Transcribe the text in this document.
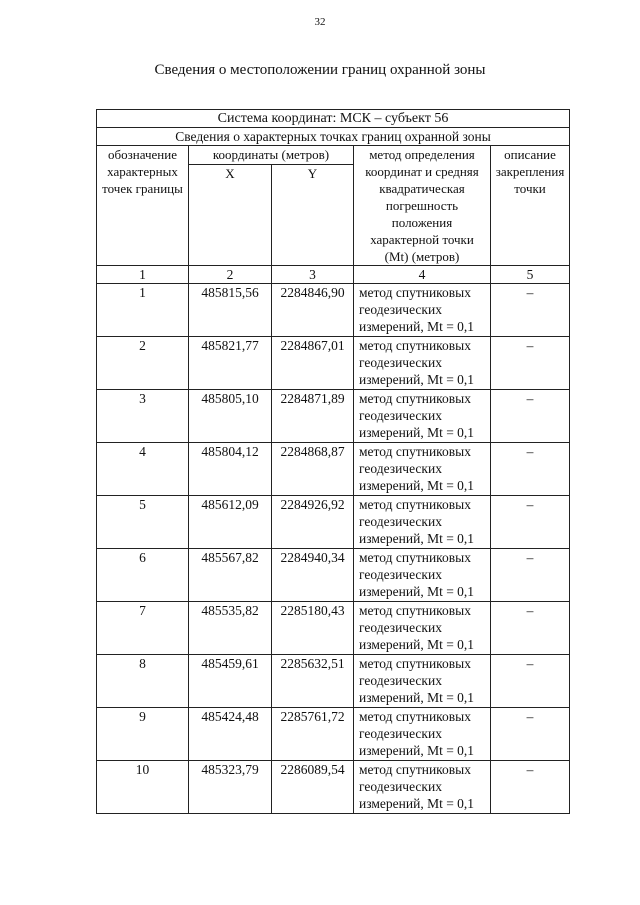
32
Сведения о местоположении границ охранной зоны
Система координат: МСК – субъект 56				
Сведения о характерных точках границ охранной зоны				
обозначение характерных точек границы	координаты (метров)		метод определения координат и средняя квадратическая погрешность положения характерной точки (Mt) (метров)	описание закрепления точки
	X	Y		
1	2	3	4	5
1	485815,56	2284846,90	метод спутниковых геодезических измерений, Mt = 0,1	–
2	485821,77	2284867,01	метод спутниковых геодезических измерений, Mt = 0,1	–
3	485805,10	2284871,89	метод спутниковых геодезических измерений, Mt = 0,1	–
4	485804,12	2284868,87	метод спутниковых геодезических измерений, Mt = 0,1	–
5	485612,09	2284926,92	метод спутниковых геодезических измерений, Mt = 0,1	–
6	485567,82	2284940,34	метод спутниковых геодезических измерений, Mt = 0,1	–
7	485535,82	2285180,43	метод спутниковых геодезических измерений, Mt = 0,1	–
8	485459,61	2285632,51	метод спутниковых геодезических измерений, Mt = 0,1	–
9	485424,48	2285761,72	метод спутниковых геодезических измерений, Mt = 0,1	–
10	485323,79	2286089,54	метод спутниковых геодезических измерений, Mt = 0,1	–
